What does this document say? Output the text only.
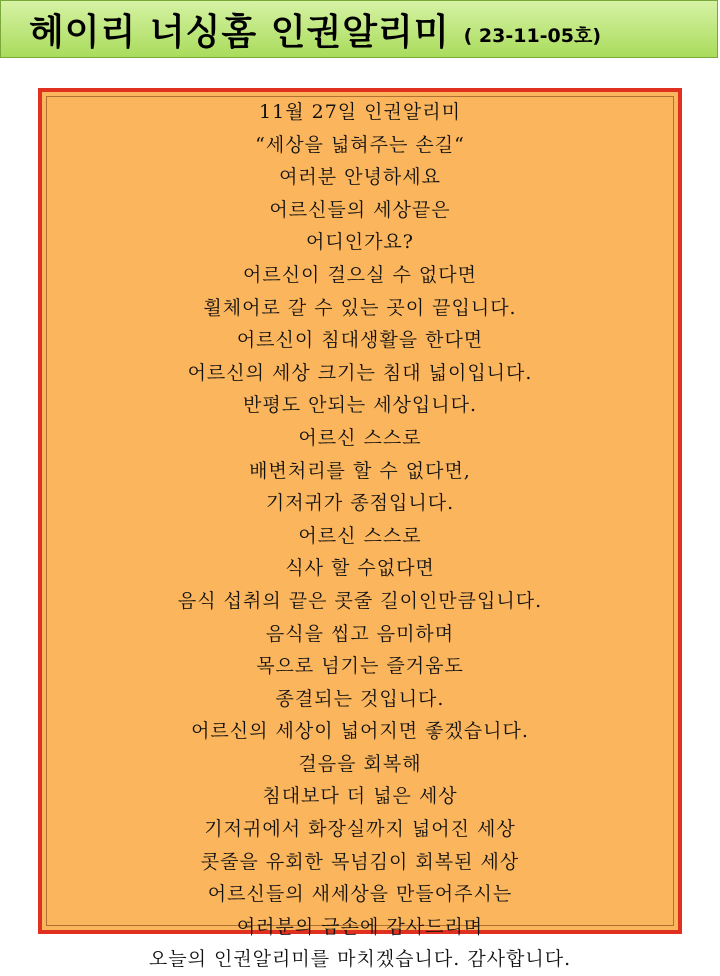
헤이리 너싱홈 인권알리미 ( 23-11-05호)
11월 27일 인권알리미
“세상을 넓혀주는 손길“
여러분 안녕하세요
어르신들의 세상끝은
어디인가요?
어르신이 걸으실 수 없다면
휠체어로 갈 수 있는 곳이 끝입니다.
어르신이 침대생활을 한다면
어르신의 세상 크기는 침대 넓이입니다.
반평도 안되는 세상입니다.
어르신 스스로
배변처리를 할 수 없다면,
기저귀가 종점입니다.
어르신 스스로
식사 할 수없다면
음식 섭취의 끝은 콧줄 길이인만큼입니다.
음식을 씹고 음미하며
목으로 넘기는 즐거움도
종결되는 것입니다.
어르신의 세상이 넓어지면 좋겠습니다.
걸음을 회복해
침대보다 더 넓은 세상
기저귀에서 화장실까지 넓어진 세상
콧줄을 유회한 목넘김이 회복된 세상
어르신들의 새세상을 만들어주시는
여러분의 금손에 감사드리며
오늘의 인권알리미를 마치겠습니다. 감사합니다.
